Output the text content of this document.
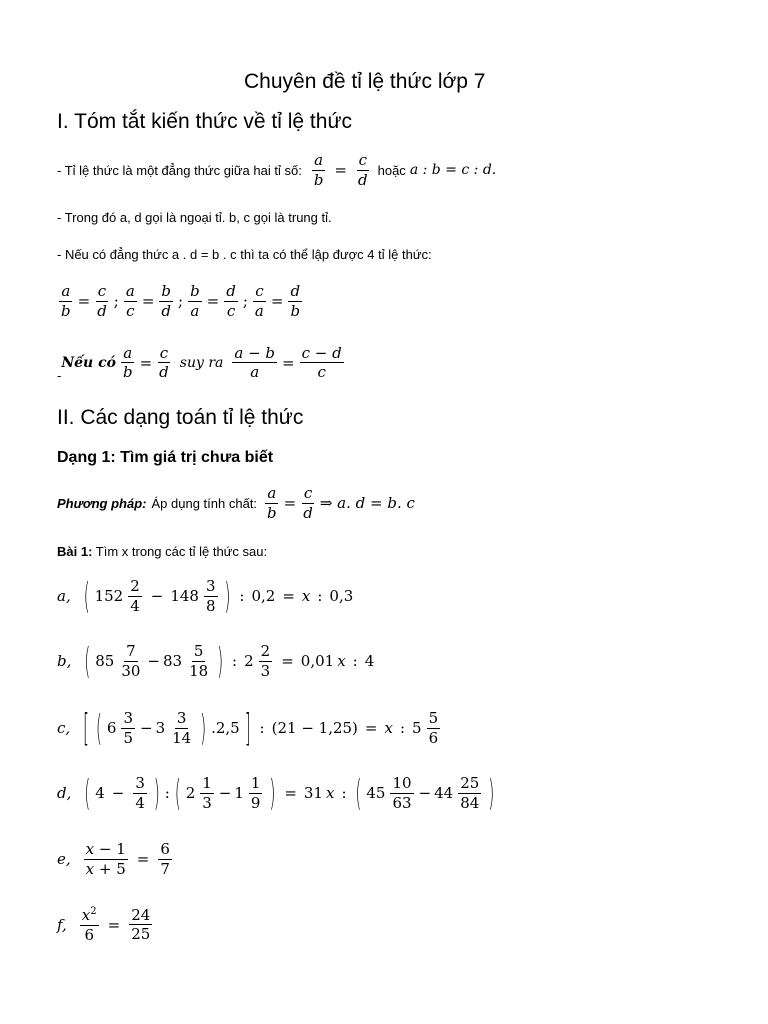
Chuyên đề tỉ lệ thức lớp 7
I. Tóm tắt kiến thức về tỉ lệ thức
- Tỉ lệ thức là một đẳng thức giữa hai tỉ số: $\frac{a}{b} = \frac{c}{d}$ hoặc a : b = c : d.
- Trong đó a, d gọi là ngoại tỉ. b, c gọi là trung tỉ.
- Nếu có đẳng thức a . d = b . c thì ta có thể lập được 4 tỉ lệ thức:
$\frac{a}{b} = \frac{c}{d}$ ; $\frac{a}{c} = \frac{b}{d}$ ; $\frac{b}{a} = \frac{d}{c}$ ; $\frac{c}{a} = \frac{d}{b}$
-
Nếu có $\frac{a}{b} = \frac{c}{d}$ suy ra $\frac{a - b}{a} = \frac{c - d}{c}$
II. Các dạng toán tỉ lệ thức
Dạng 1: Tìm giá trị chưa biết
Phương pháp: Áp dụng tính chất: $\frac{a}{b} = \frac{c}{d}$ ⇒ a. d = b. c
Bài 1: Tìm x trong các tỉ lệ thức sau:
a, ( $152 \frac{2}{4} - 148 \frac{3}{8}$ ) : 0,2 = x : 0,3
b, ( $85 \frac{7}{30} - 83 \frac{5}{18}$ ) : $2 \frac{2}{3} = 0,01$ x : 4
c, [ ( $6 \frac{3}{5} - 3 \frac{3}{14}$ ) .2,5 ] : (21 − 1,25) = x : $5 \frac{5}{6}$
d, ( $4 - \frac{3}{4}$ ) : ( $2 \frac{1}{3} - 1 \frac{1}{9}$ ) = 31 x : ( $45 \frac{10}{63} - 44 \frac{25}{84}$ )
e, $\frac{x - 1}{x + 5} = \frac{6}{7}$
f, $\frac{x^2}{6} = \frac{24}{25}$
